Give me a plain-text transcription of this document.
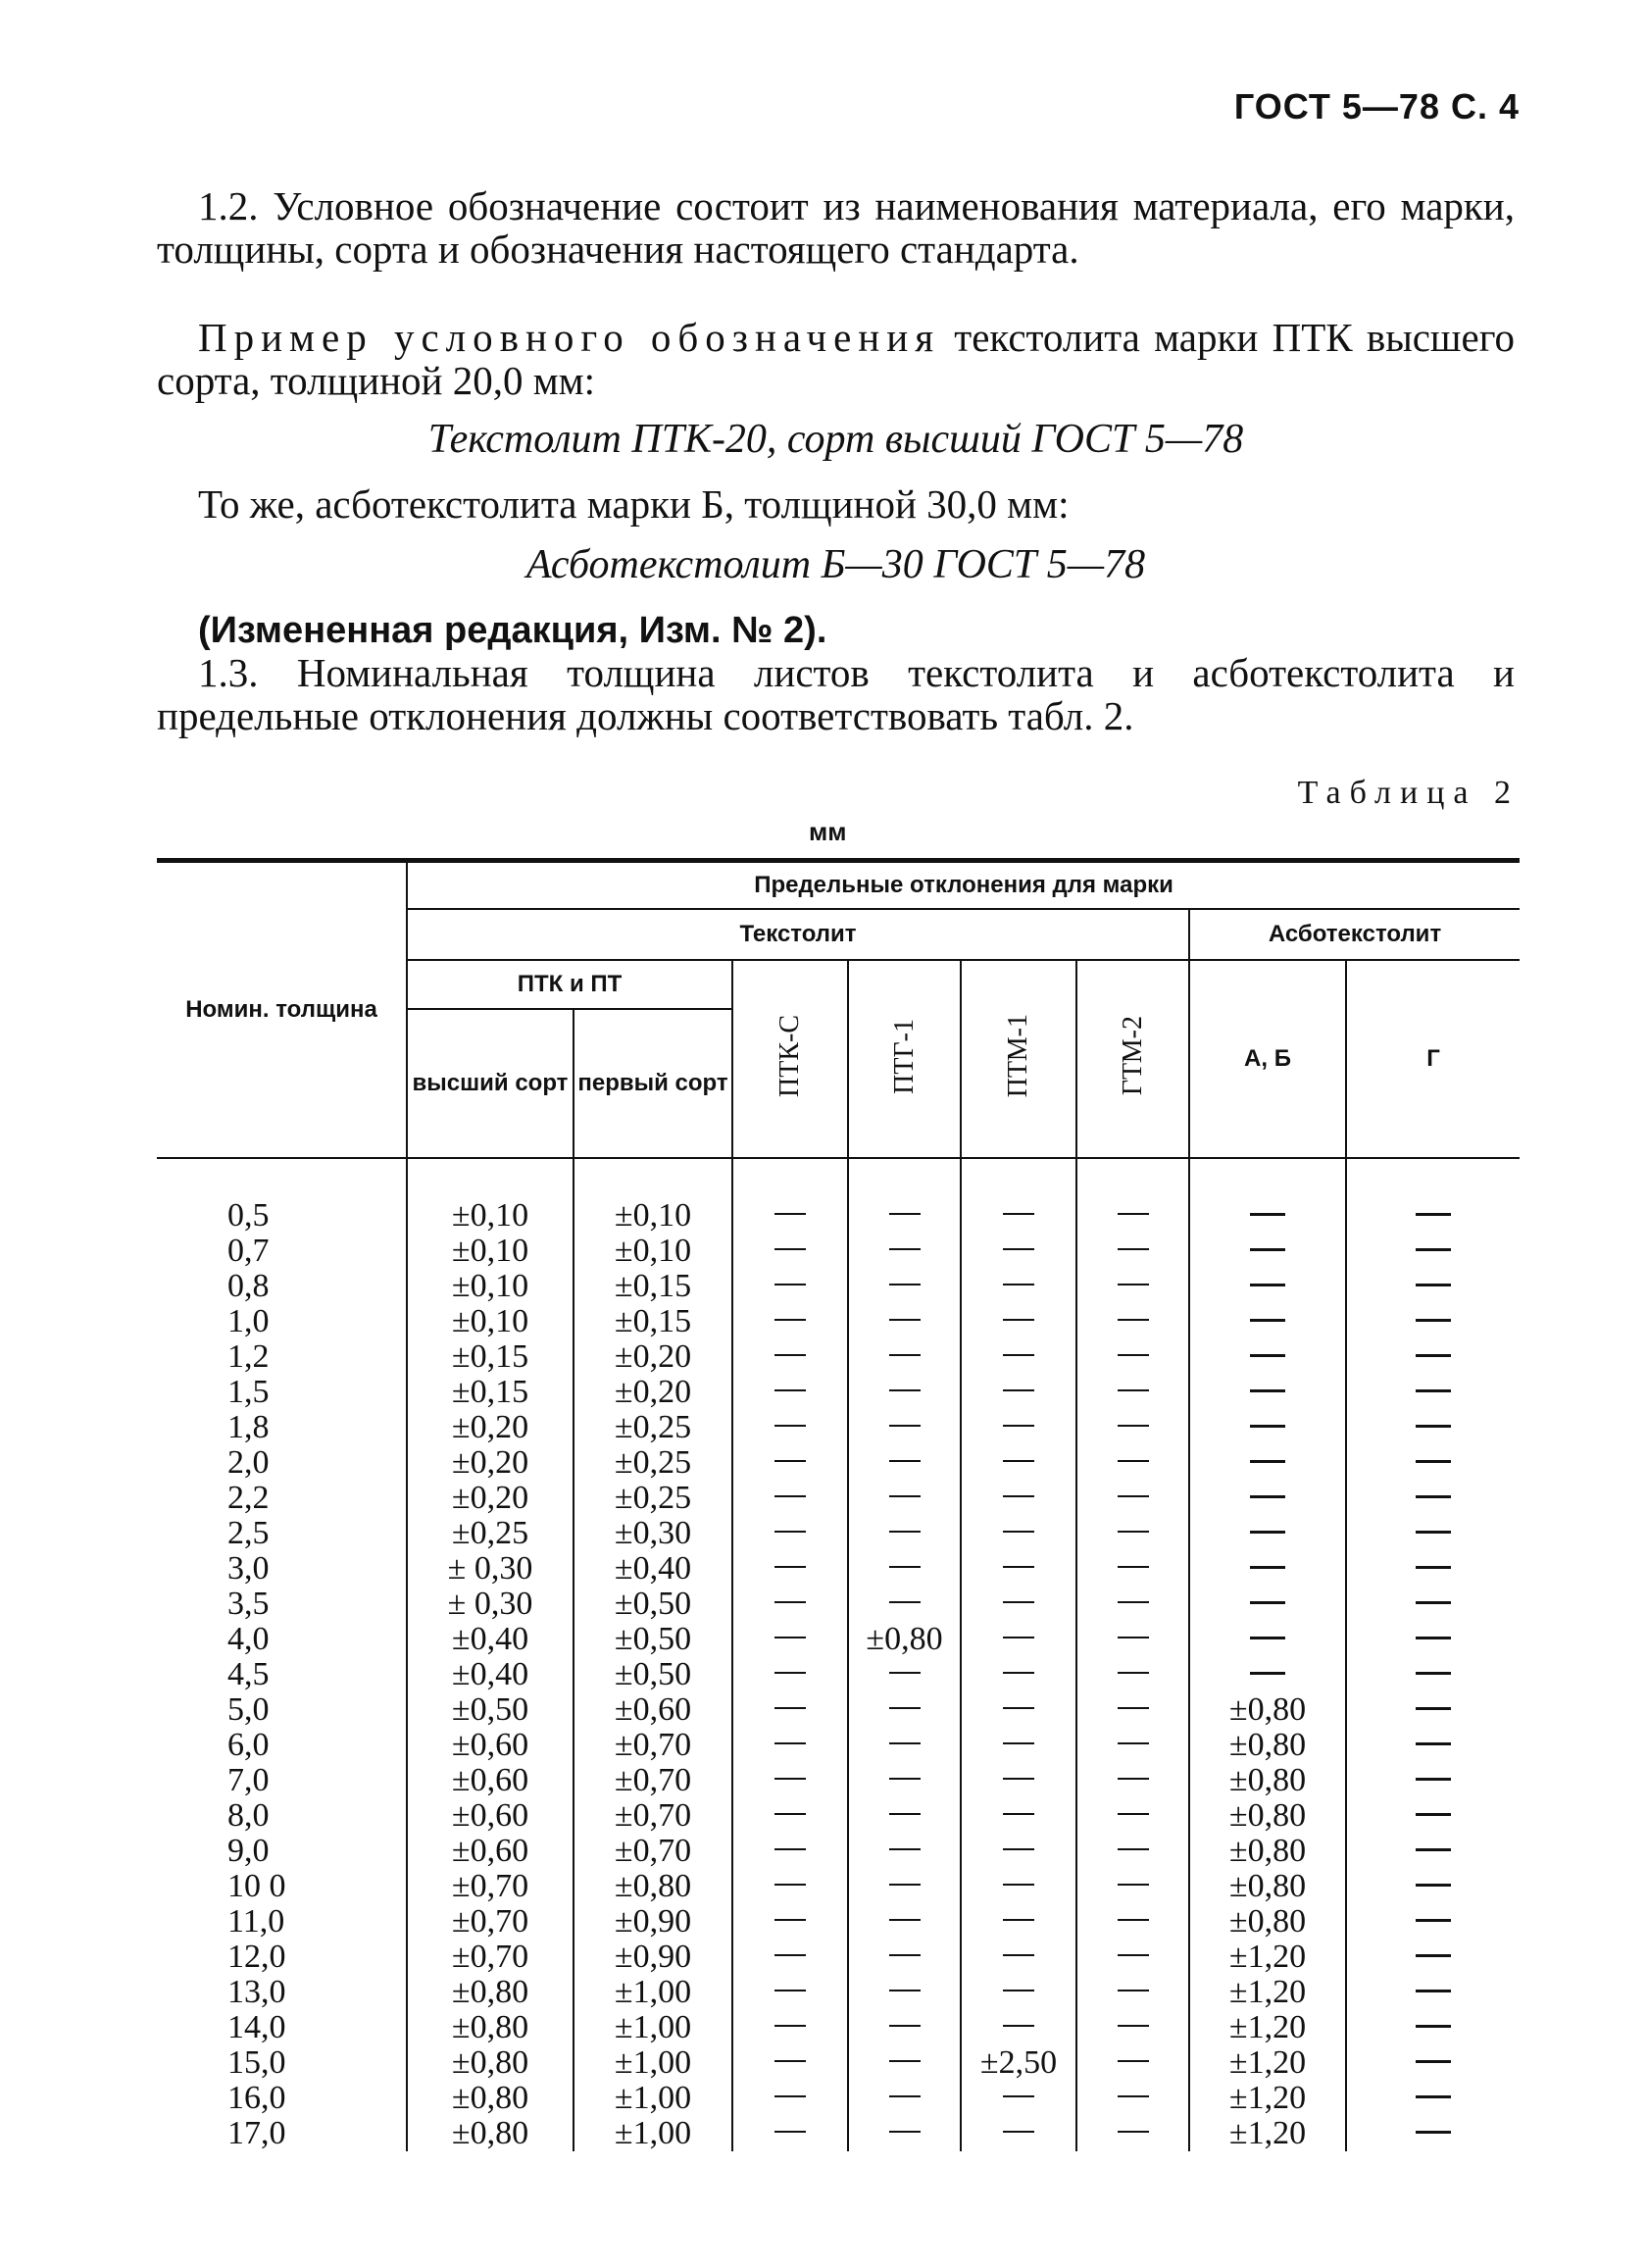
ГОСТ 5—78 С. 4
1.2. Условное обозначение состоит из наименования материала, его марки, толщины, сорта и обозначения настоящего стандарта.
Пример условного обозначения текстолита марки ПТК высшего сорта, толщиной 20,0 мм:
Текстолит ПТК-20, сорт высший ГОСТ 5—78
То же, асботекстолита марки Б, толщиной 30,0 мм:
Асботекстолит Б—30 ГОСТ 5—78
(Измененная редакция, Изм. № 2).
1.3. Номинальная толщина листов текстолита и асботекстолита и предельные отклонения должны соответствовать табл. 2.
Таблица 2
мм
Номин. толщина	Предельные отклонения для марки							
	Текстолит						Асботекстолит	
	ПТК и ПТ		ПТК-С	ПТГ-1	ПТМ-1	ГТМ-2	А, Б	Г
	высший сорт	первый сорт						

0,5	±0,10	±0,10						
0,7	±0,10	±0,10						
0,8	±0,10	±0,15						
1,0	±0,10	±0,15						
1,2	±0,15	±0,20						
1,5	±0,15	±0,20						
1,8	±0,20	±0,25						
2,0	±0,20	±0,25						
2,2	±0,20	±0,25						
2,5	±0,25	±0,30						
3,0	± 0,30	±0,40						
3,5	± 0,30	±0,50						
4,0	±0,40	±0,50		±0,80				
4,5	±0,40	±0,50						
5,0	±0,50	±0,60					±0,80	
6,0	±0,60	±0,70					±0,80	
7,0	±0,60	±0,70					±0,80	
8,0	±0,60	±0,70					±0,80	
9,0	±0,60	±0,70					±0,80	
10 0	±0,70	±0,80					±0,80	
11,0	±0,70	±0,90					±0,80	
12,0	±0,70	±0,90					±1,20	
13,0	±0,80	±1,00					±1,20	
14,0	±0,80	±1,00					±1,20	
15,0	±0,80	±1,00			±2,50		±1,20	
16,0	±0,80	±1,00					±1,20	
17,0	±0,80	±1,00					±1,20	
